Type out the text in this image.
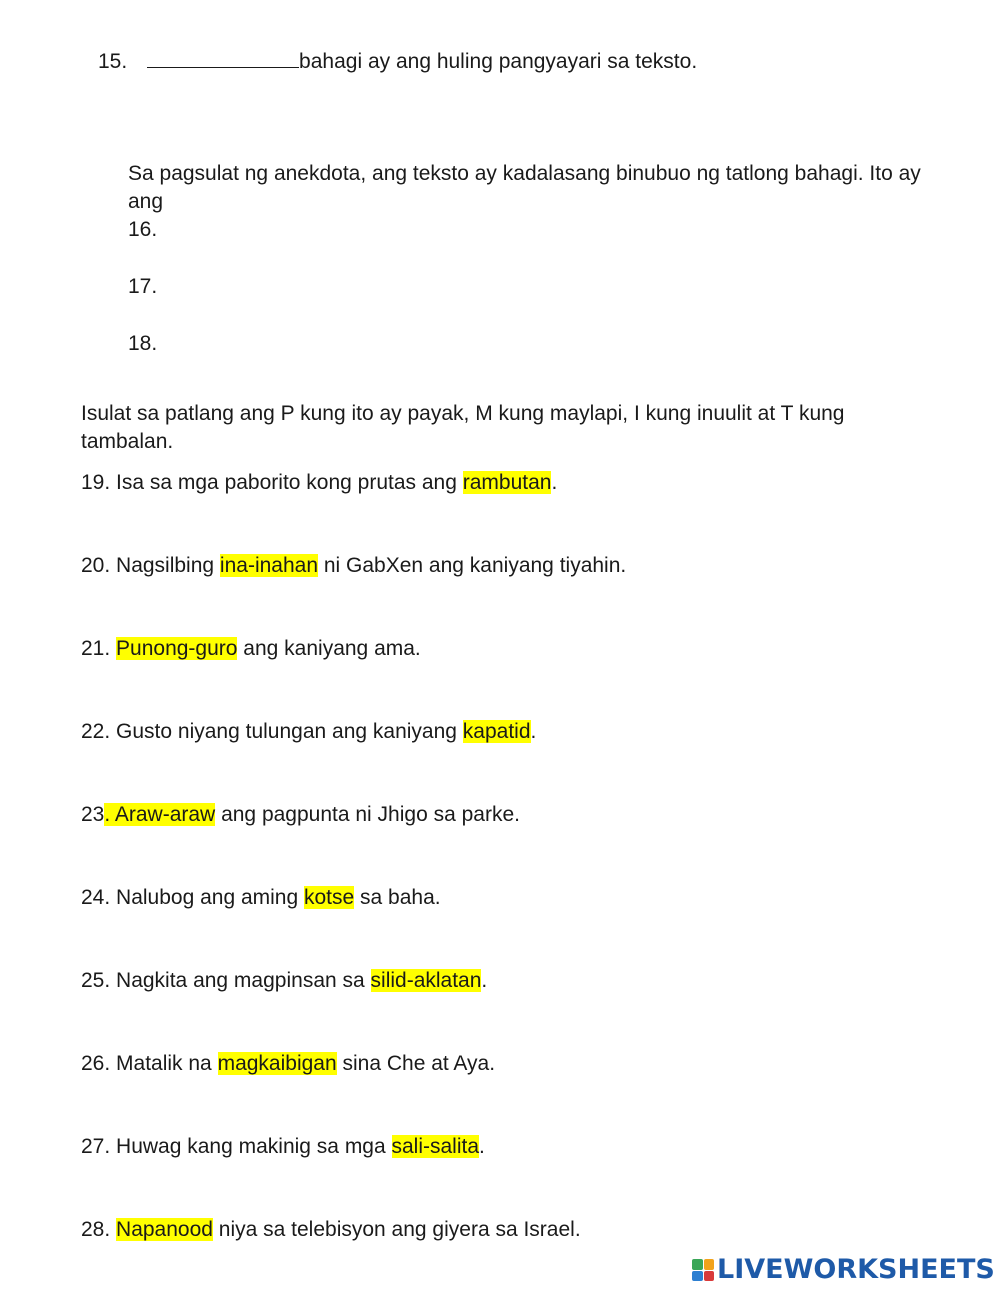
15.	bahagi ay ang huling pangyayari sa teksto.
Sa pagsulat ng anekdota, ang teksto ay kadalasang binubuo ng tatlong bahagi. Ito ay ang
16.
17.
18.
Isulat sa patlang ang P kung ito ay payak, M kung maylapi, I kung inuulit at T kung tambalan.
19. Isa sa mga paborito kong prutas ang rambutan.
20. Nagsilbing ina-inahan ni GabXen ang kaniyang tiyahin.
21. Punong-guro ang kaniyang ama.
22. Gusto niyang tulungan ang kaniyang kapatid.
23. Araw-araw ang pagpunta ni Jhigo sa parke.
24. Nalubog ang aming kotse sa baha.
25. Nagkita ang magpinsan sa silid-aklatan.
26. Matalik na magkaibigan sina Che at Aya.
27. Huwag kang makinig sa mga sali-salita.
28. Napanood niya sa telebisyon ang giyera sa Israel.
LIVEWORKSHEETS
